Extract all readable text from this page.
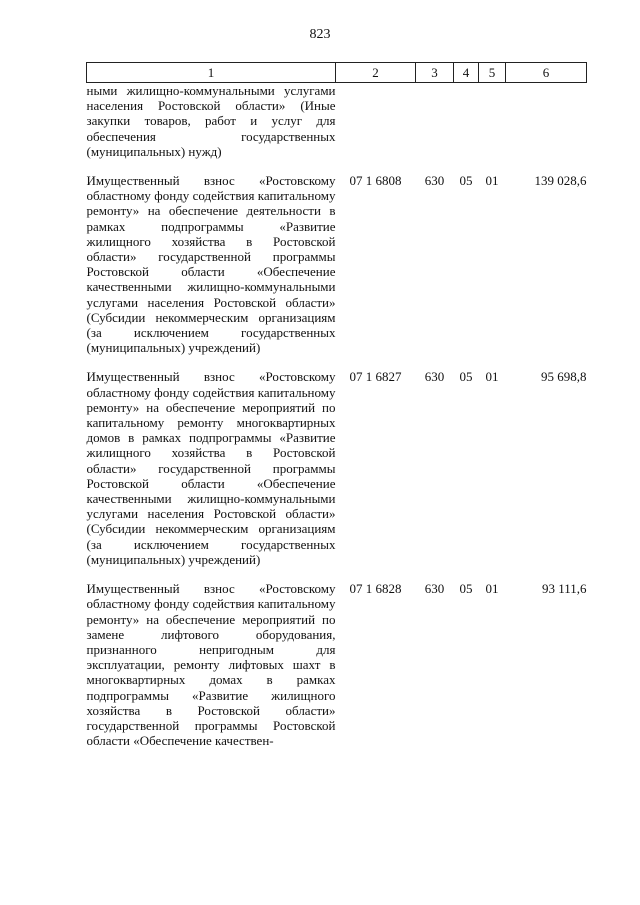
823
1	2	3	4	5	6
ными жилищно-коммунальными услугами населения Ростовской области» (Иные закупки товаров, работ и услуг для обеспечения государственных (муниципальных) нужд)					

Имущественный взнос «Ростовскому областному фонду содействия капитальному ремонту» на обеспечение деятельности в рамках подпрограммы «Развитие жилищного хозяйства в Ростовской области» государственной программы Ростовской области «Обеспечение качественными жилищно-коммунальными услугами населения Ростовской области» (Субсидии некоммерческим организациям (за исключением государственных (муниципальных) учреждений)	07 1 6808	630	05	01	139 028,6

Имущественный взнос «Ростовскому областному фонду содействия капитальному ремонту» на обеспечение мероприятий по капитальному ремонту многоквартирных домов в рамках подпрограммы «Развитие жилищного хозяйства в Ростовской области» государственной программы Ростовской области «Обеспечение качественными жилищно-коммунальными услугами населения Ростовской области» (Субсидии некоммерческим организациям (за исключением государственных (муниципальных) учреждений)	07 1 6827	630	05	01	95 698,8

Имущественный взнос «Ростовскому областному фонду содействия капитальному ремонту» на обеспечение мероприятий по замене лифтового оборудования, признанного непригодным для эксплуатации, ремонту лифтовых шахт в многоквартирных домах в рамках подпрограммы «Развитие жилищного хозяйства в Ростовской области» государственной программы Ростовской области «Обеспечение качествен-	07 1 6828	630	05	01	93 111,6
